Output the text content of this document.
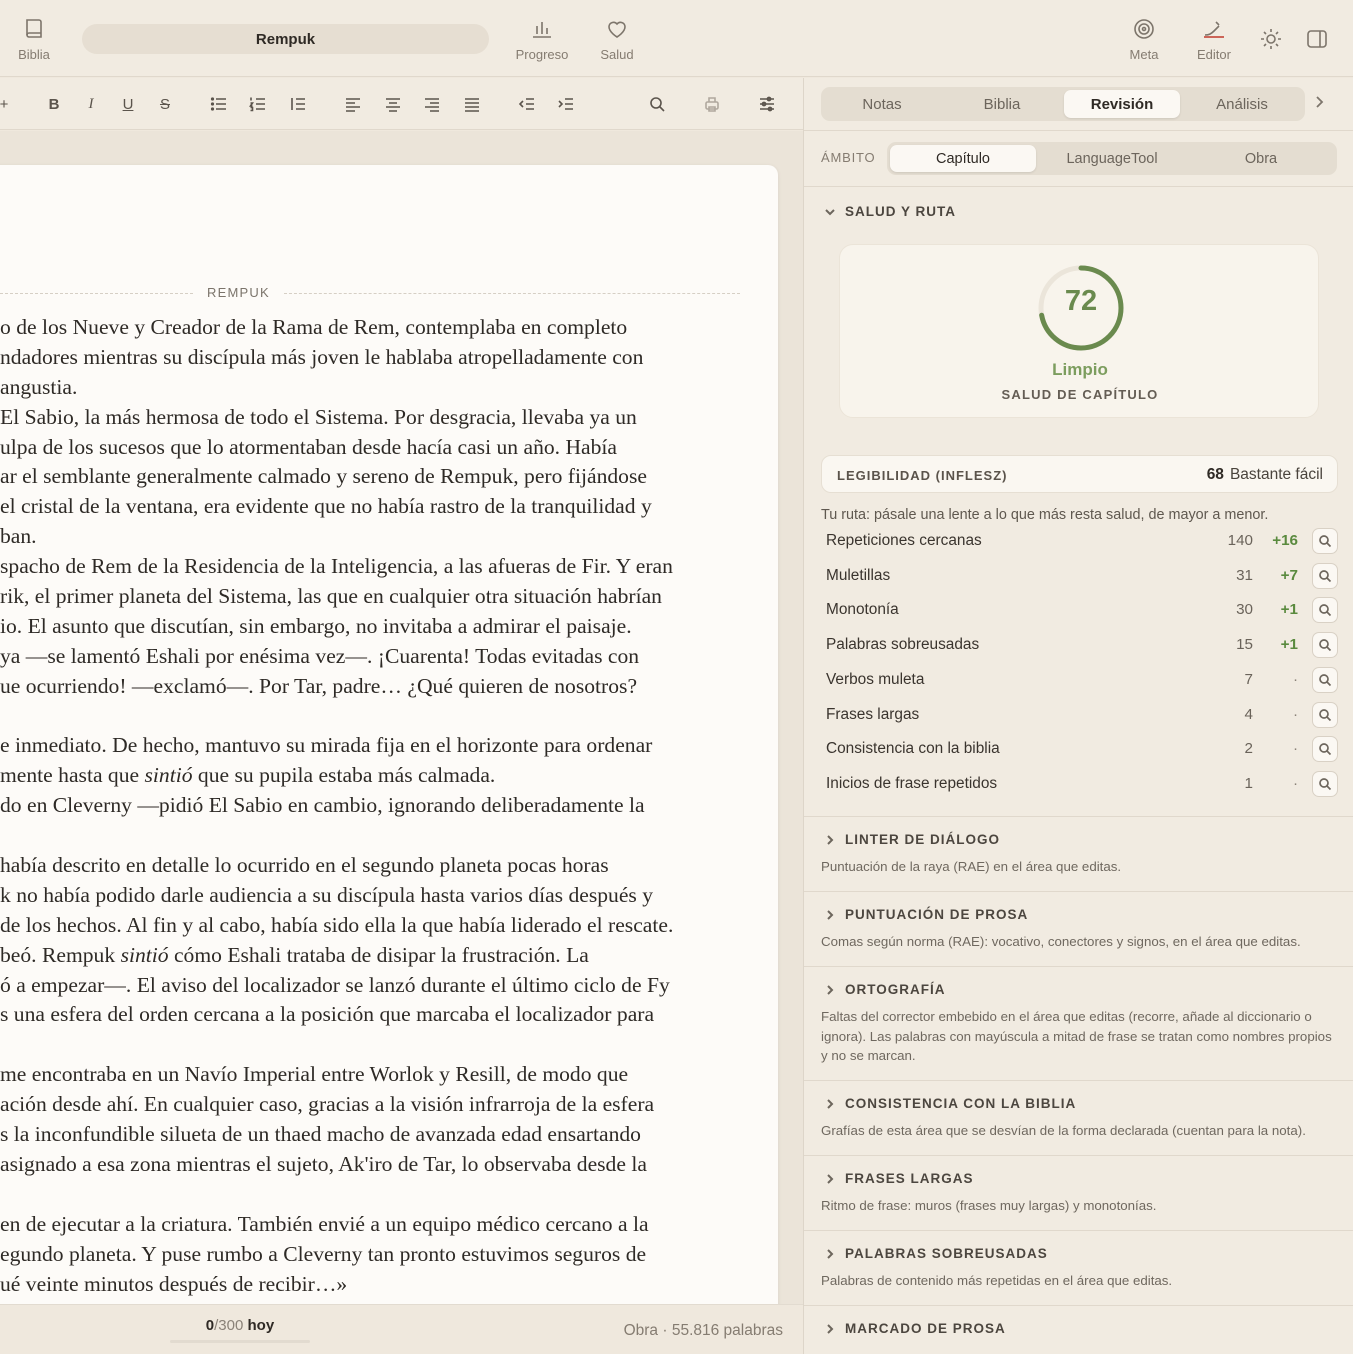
Biblia
Rempuk
Progreso Salud	Meta	Editor
+	B	I	U	S
REMPUK
o de los Nueve y Creador de la Rama de Rem, contemplaba en completo
ndadores mientras su discípula más joven le hablaba atropelladamente con
angustia.
El Sabio, la más hermosa de todo el Sistema. Por desgracia, llevaba ya un
ulpa de los sucesos que lo atormentaban desde hacía casi un año. Había
ar el semblante generalmente calmado y sereno de Rempuk, pero fijándose
el cristal de la ventana, era evidente que no había rastro de la tranquilidad y
ban.
spacho de Rem de la Residencia de la Inteligencia, a las afueras de Fir. Y eran
rik, el primer planeta del Sistema, las que en cualquier otra situación habrían
io. El asunto que discutían, sin embargo, no invitaba a admirar el paisaje.
ya —se lamentó Eshali por enésima vez—. ¡Cuarenta! Todas evitadas con
ue ocurriendo! —exclamó—. Por Tar, padre… ¿Qué quieren de nosotros?
e inmediato. De hecho, mantuvo su mirada fija en el horizonte para ordenar
mente hasta que sintió que su pupila estaba más calmada.
do en Cleverny —pidió El Sabio en cambio, ignorando deliberadamente la
había descrito en detalle lo ocurrido en el segundo planeta pocas horas
k no había podido darle audiencia a su discípula hasta varios días después y
de los hechos. Al fin y al cabo, había sido ella la que había liderado el rescate.
beó. Rempuk sintió cómo Eshali trataba de disipar la frustración. La
ó a empezar—. El aviso del localizador se lanzó durante el último ciclo de Fy
s una esfera del orden cercana a la posición que marcaba el localizador para
me encontraba en un Navío Imperial entre Worlok y Resill, de modo que
ación desde ahí. En cualquier caso, gracias a la visión infrarroja de la esfera
s la inconfundible silueta de un thaed macho de avanzada edad ensartando
asignado a esa zona mientras el sujeto, Ak'iro de Tar, lo observaba desde la
en de ejecutar a la criatura. También envié a un equipo médico cercano a la
egundo planeta. Y puse rumbo a Cleverny tan pronto estuvimos seguros de
ué veinte minutos después de recibir…»
0/300 hoy	Obra · 55.816 palabras
Notas	Biblia	Revisión	Análisis
ÁMBITO	Capítulo	LanguageTool	Obra
SALUD Y RUTA
72
Limpio
SALUD DE CAPÍTULO
LEGIBILIDAD (INFLESZ)	68 Bastante fácil
Tu ruta: pásale una lente a lo que más resta salud, de mayor a menor.
Repeticiones cercanas	140 +16
Muletillas	31 +7
Monotonía	30 +1
Palabras sobreusadas	15 +1
Verbos muleta	7	·
Frases largas	4	·
Consistencia con la biblia	2	·
Inicios de frase repetidos	1	·
LINTER DE DIÁLOGO
Puntuación de la raya (RAE) en el área que editas.
PUNTUACIÓN DE PROSA
Comas según norma (RAE): vocativo, conectores y signos, en el área que editas.
ORTOGRAFÍA
Faltas del corrector embebido en el área que editas (recorre, añade al diccionario o ignora). Las palabras con mayúscula a mitad de frase se tratan como nombres propios y no se marcan.
CONSISTENCIA CON LA BIBLIA
Grafías de esta área que se desvían de la forma declarada (cuentan para la nota).
FRASES LARGAS
Ritmo de frase: muros (frases muy largas) y monotonías.
PALABRAS SOBREUSADAS
Palabras de contenido más repetidas en el área que editas.
MARCADO DE PROSA
